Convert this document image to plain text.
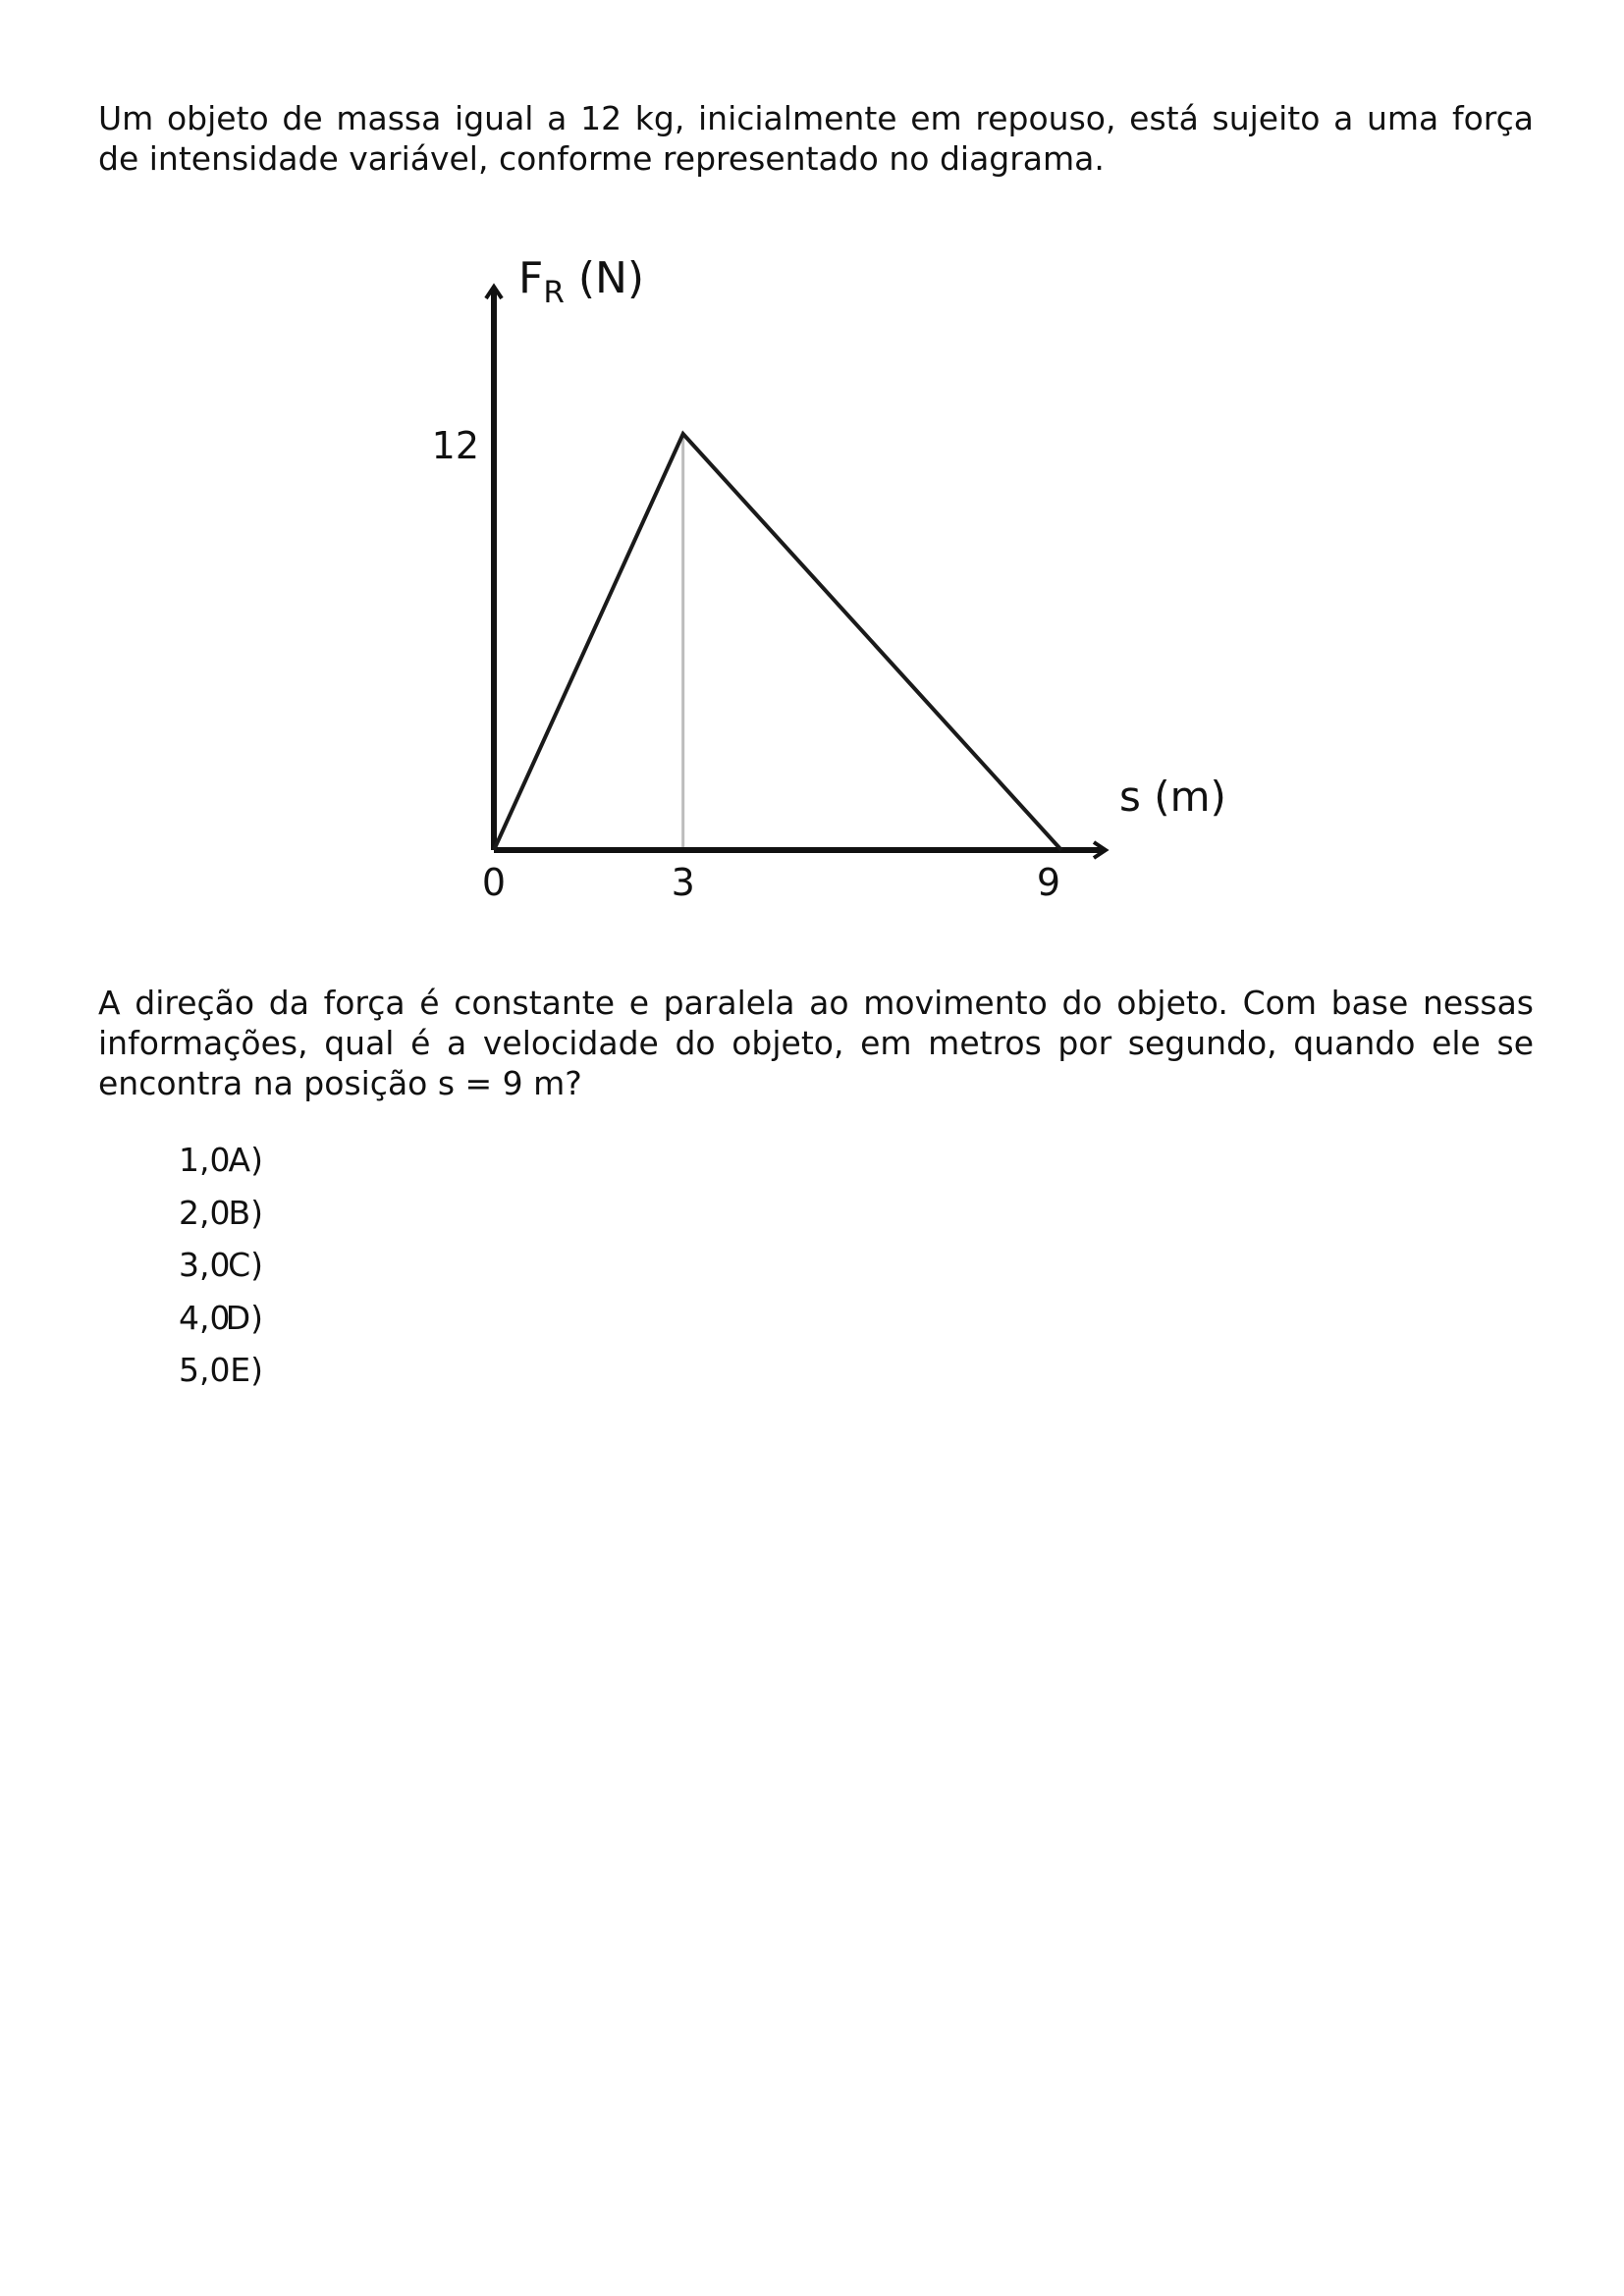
Um objeto de massa igual a 12 kg, inicialmente em repouso, está sujeito a uma força de intensidade variável, conforme representado no diagrama.

$F_R$ (N)
s (m)
12
0	3	9

A direção da força é constante e paralela ao movimento do objeto. Com base nessas informações, qual é a velocidade do objeto, em metros por segundo, quando ele se encontra na posição s = 9 m?

A)
1,0
B)
2,0
C)
3,0
D)
4,0
E)
5,0
